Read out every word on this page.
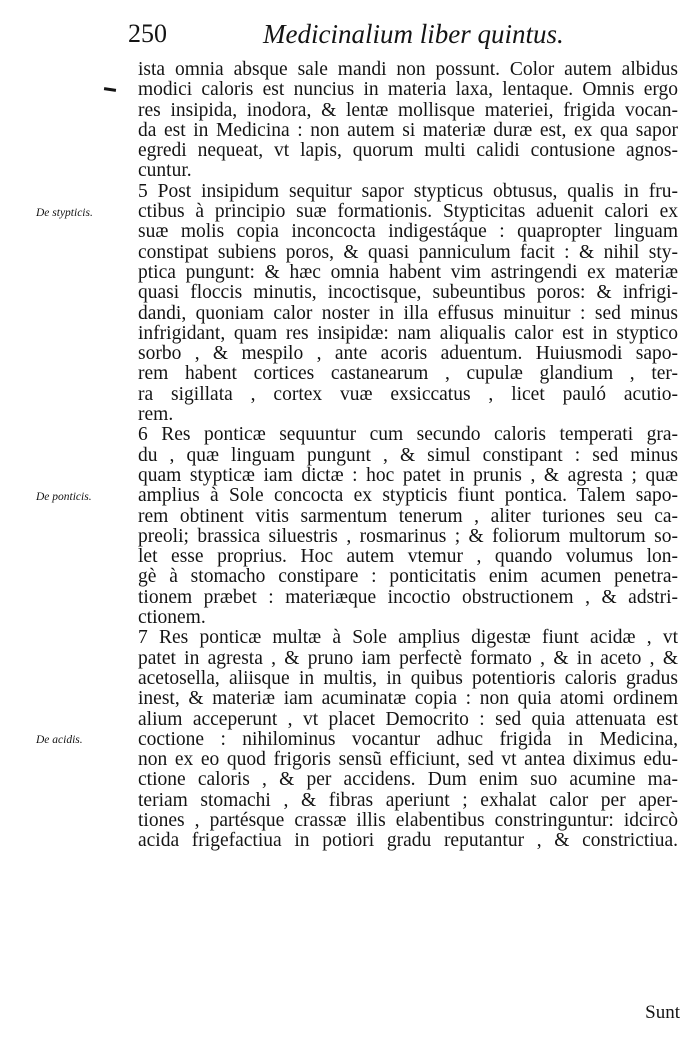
250	Medicinalium liber quintus.
De stypticis.
De ponticis.
De acidis.
ista omnia absque sale mandi non possunt. Color autem albidus
modici caloris est nuncius in materia laxa, lentaque. Omnis ergo
res insipida, inodora, & lentæ mollisque materiei, frigida vocan-
da est in Medicina : non autem si materiæ duræ est, ex qua sapor
egredi nequeat, vt lapis, quorum multi calidi contusione agnos-
cuntur.
5 Post insipidum sequitur sapor stypticus obtusus, qualis in fru-
ctibus à principio suæ formationis. Stypticitas aduenit calori ex
suæ molis copia inconcocta indigestáque : quapropter linguam
constipat subiens poros, & quasi panniculum facit : & nihil sty-
ptica pungunt: & hæc omnia habent vim astringendi ex materiæ
quasi floccis minutis, incoctisque, subeuntibus poros: & infrigi-
dandi, quoniam calor noster in illa effusus minuitur : sed minus
infrigidant, quam res insipidæ: nam aliqualis calor est in styptico
sorbo , & mespilo , ante acoris aduentum. Huiusmodi sapo-
rem habent cortices castanearum , cupulæ glandium , ter-
ra sigillata , cortex vuæ exsiccatus , licet pauló acutio-
rem.
6 Res ponticæ sequuntur cum secundo caloris temperati gra-
du , quæ linguam pungunt , & simul constipant : sed minus
quam stypticæ iam dictæ : hoc patet in prunis , & agresta ; quæ
amplius à Sole concocta ex stypticis fiunt pontica. Talem sapo-
rem obtinent vitis sarmentum tenerum , aliter turiones seu ca-
preoli; brassica siluestris , rosmarinus ; & foliorum multorum so-
let esse proprius. Hoc autem vtemur , quando volumus lon-
gè à stomacho constipare : ponticitatis enim acumen penetra-
tionem præbet : materiæque incoctio obstructionem , & adstri-
ctionem.
7 Res ponticæ multæ à Sole amplius digestæ fiunt acidæ , vt
patet in agresta , & pruno iam perfectè formato , & in aceto , &
acetosella, aliisque in multis, in quibus potentioris caloris gradus
inest, & materiæ iam acuminatæ copia : non quia atomi ordinem
alium acceperunt , vt placet Democrito : sed quia attenuata est
coctione : nihilominus vocantur adhuc frigida in Medicina,
non ex eo quod frigoris sensũ efficiunt, sed vt antea diximus edu-
ctione caloris , & per accidens. Dum enim suo acumine ma-
teriam stomachi , & fibras aperiunt ; exhalat calor per aper-
tiones , partésque crassæ illis elabentibus constringuntur: idcircò
acida frigefactiua in potiori gradu reputantur , & constrictiua.
Sunt
